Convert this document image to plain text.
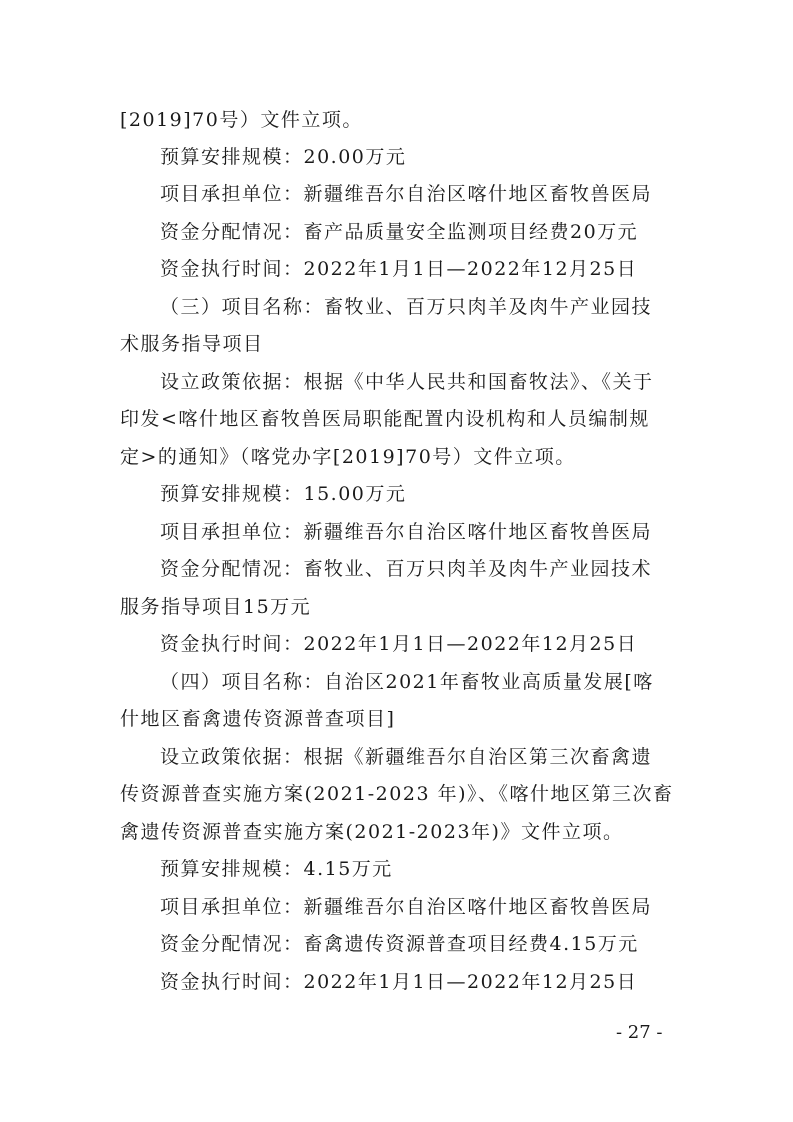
[2019]70号）文件立项。
预算安排规模：20.00万元
项目承担单位：新疆维吾尔自治区喀什地区畜牧兽医局
资金分配情况：畜产品质量安全监测项目经费20万元
资金执行时间：2022年1月1日—2022年12月25日
（三）项目名称：畜牧业、百万只肉羊及肉牛产业园技
术服务指导项目
设立政策依据：根据《中华人民共和国畜牧法》、《关于
印发<喀什地区畜牧兽医局职能配置内设机构和人员编制规
定>的通知》（喀党办字[2019]70号）文件立项。
预算安排规模：15.00万元
项目承担单位：新疆维吾尔自治区喀什地区畜牧兽医局
资金分配情况：畜牧业、百万只肉羊及肉牛产业园技术
服务指导项目15万元
资金执行时间：2022年1月1日—2022年12月25日
（四）项目名称：自治区2021年畜牧业高质量发展[喀
什地区畜禽遗传资源普查项目]
设立政策依据：根据《新疆维吾尔自治区第三次畜禽遗
传资源普查实施方案(2021-2023 年)》、《喀什地区第三次畜
禽遗传资源普查实施方案(2021-2023年)》文件立项。
预算安排规模：4.15万元
项目承担单位：新疆维吾尔自治区喀什地区畜牧兽医局
资金分配情况：畜禽遗传资源普查项目经费4.15万元
资金执行时间：2022年1月1日—2022年12月25日
- 27 -
